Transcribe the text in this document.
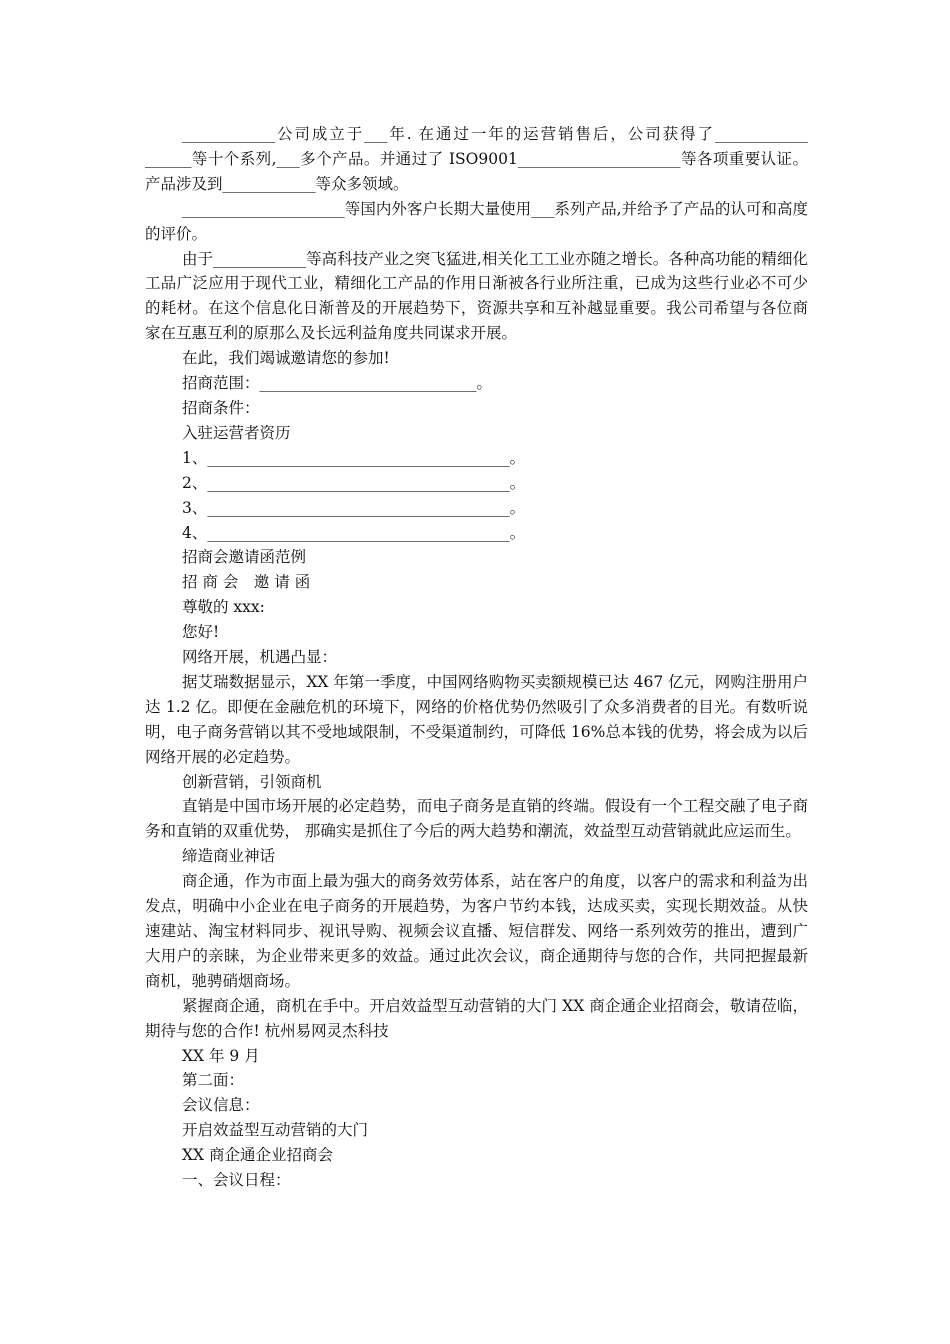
____________公司成立于___年. 在通过一年的运营销售后，公司获得了____________ ______等十个系列,___多个产品。并通过了 ISO9001_____________________等各项重要认证。产品涉及到____________等众多领域。

_____________________等国内外客户长期大量使用___系列产品,并给予了产品的认可和高度的评价。

由于____________等高科技产业之突飞猛进,相关化工工业亦随之增长。各种高功能的精细化工品广泛应用于现代工业，精细化工产品的作用日渐被各行业所注重，已成为这些行业必不可少的耗材。在这个信息化日渐普及的开展趋势下，资源共享和互补越显重要。我公司希望与各位商家在互惠互利的原那么及长远利益角度共同谋求开展。

在此，我们竭诚邀请您的参加!

招商范围：____________________________。

招商条件：

入驻运营者资历

1、_______________________________________。

2、_______________________________________。

3、_______________________________________。

4、_______________________________________。

招商会邀请函范例

招 商 会　邀 请 函

尊敬的 xxx:

您好!

网络开展，机遇凸显：

据艾瑞数据显示，XX 年第一季度，中国网络购物买卖额规模已达 467 亿元，网购注册用户达 1.2 亿。即便在金融危机的环境下，网络的价格优势仍然吸引了众多消费者的目光。有数听说明，电子商务营销以其不受地域限制，不受渠道制约，可降低 16%总本钱的优势，将会成为以后网络开展的必定趋势。

创新营销，引领商机

直销是中国市场开展的必定趋势，而电子商务是直销的终端。假设有一个工程交融了电子商务和直销的双重优势， 那确实是抓住了今后的两大趋势和潮流，效益型互动营销就此应运而生。

缔造商业神话

商企通，作为市面上最为强大的商务效劳体系，站在客户的角度，以客户的需求和利益为出发点，明确中小企业在电子商务的开展趋势，为客户节约本钱，达成买卖，实现长期效益。从快速建站、淘宝材料同步、视讯导购、视频会议直播、短信群发、网络一系列效劳的推出，遭到广大用户的亲睐，为企业带来更多的效益。通过此次会议，商企通期待与您的合作，共同把握最新商机，驰骋硝烟商场。

紧握商企通，商机在手中。开启效益型互动营销的大门 XX 商企通企业招商会，敬请莅临，期待与您的合作! 杭州易网灵杰科技

XX 年 9 月

第二面：

会议信息：

开启效益型互动营销的大门

XX 商企通企业招商会

一、会议日程：
